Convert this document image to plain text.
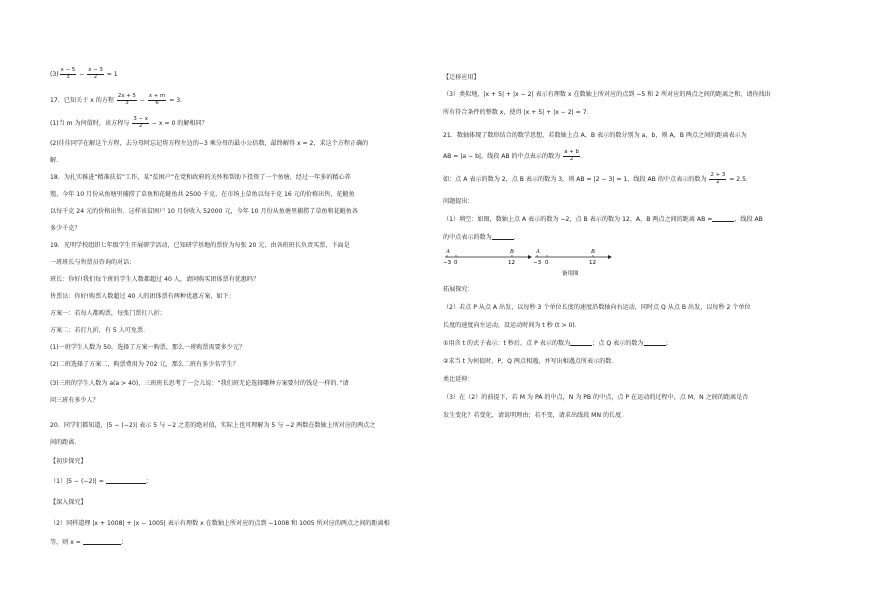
$(3) \frac{x - 5}{3} - \frac{x - 3}{2} = 1$
17．已知关于 x 的方程 $\frac{2x + 5}{3} - \frac{x + m}{6} = 3$．
(1)当 m 为何值时，该方程与 $\frac{3 - x}{2} - x = 0$ 的解相同？
(2)佳佳同学在解这个方程，去分母时忘记将方程左边的−3 乘分母的最小公倍数，最终解得 x = 2，求这个方程正确的
解．
18．为扎实推进“精准扶贫”工作，某“贫困户”在党和政府的关怀和帮助下投资了一个鱼塘，经过一年多的精心养
殖，今年 10 月份从鱼塘里捕捞了草鱼和花鲢鱼共 2500 千克，在市场上草鱼以每千克 16 元的价格出售，花鲢鱼
以每千克 24 元的价格出售．这样该贫困户 10 月份收入 52000 元，今年 10 月份从鱼塘里捕捞了草鱼和花鲢鱼各
多少千克？
19．光明学校组织七年级学生开展研学活动，已知研学基地的票价为每张 20 元，由各班班长负责买票，下面是
一班班长与售票员咨询的对话：
班长：你好!我们每个班的学生人数都超过 40 人，请问购买团体票有优惠吗？
售票员：你好!购票人数超过 40 人的团体票有两种优惠方案，如下：
方案一：若每人都购票，每张门票打八折；
方案二：若打九折，有 5 人可免票．
(1)一班学生人数为 50，选择了方案一购票，那么一班购票需要多少元？
(2)二班选择了方案二，购票费用为 702 元，那么二班有多少名学生？
(3)三班的学生人数为 a(a > 40)，三班班长思考了一会儿说：“我们班无论选择哪种方案要付的钱是一样的．”请
问三班有多少人？
20．同学们都知道，|5 − (−2)| 表示 5 与 −2 之差的绝对值，实际上也可理解为 5 与 −2 两数在数轴上所对应的两点之
间的距离．
【初步探究】
（1）|5 − (−2)| =	；
【深入探究】
（2）同样道理 |x + 1008| + |x − 1005| 表示有理数 x 在数轴上所对应的点到 −1008 和 1005 所对应的两点之间的距离相
等，则 x =	；
【迁移应用】
（3）类似地，|x + 5| + |x − 2| 表示有理数 x 在数轴上所对应的点到 −5 和 2 所对应的两点之间的距离之和，请你找出
所有符合条件的整数 x，使得 |x + 5| + |x − 2| = 7．
21．数轴体现了数形结合的数学思想，若数轴上点 A，B 表示的数分别为 a，b，则 A，B 两点之间的距离表示为
AB = |a − b|，线段 AB 的中点表示的数为 $\frac{a + b}{2}$ ．
如：点 A 表示的数为 2，点 B 表示的数为 3，则 AB = |2 − 3| = 1，线段 AB 的中点表示的数为 $\frac{2 + 3}{2} = 2.5$．
问题提出：
（1）填空：如图，数轴上点 A 表示的数为 −2，点 B 表示的数为 12，A，B 两点之间的距离 AB =	，线段 AB
的中点表示的数为	．
A	B
−3 0	12
A	B
−3 0	12
备用图
拓展探究：
（2）若点 P 从点 A 出发，以每秒 3 个单位长度的速度沿数轴向右运动，同时点 Q 从点 B 出发，以每秒 2 个单位
长度的速度向左运动，设运动时间为 t 秒 (t > 0)．
①用含 t 的式子表示：t 秒后，点 P 表示的数为	；点 Q 表示的数为	；
②求当 t 为何值时，P，Q 两点相遇，并写出相遇点所表示的数．
类比延伸：
（3）在（2）的前提下，若 M 为 PA 的中点，N 为 PB 的中点，点 P 在运动的过程中，点 M，N 之间的距离是否
发生变化？若变化，请说明理由；若不变，请求出线段 MN 的长度．
